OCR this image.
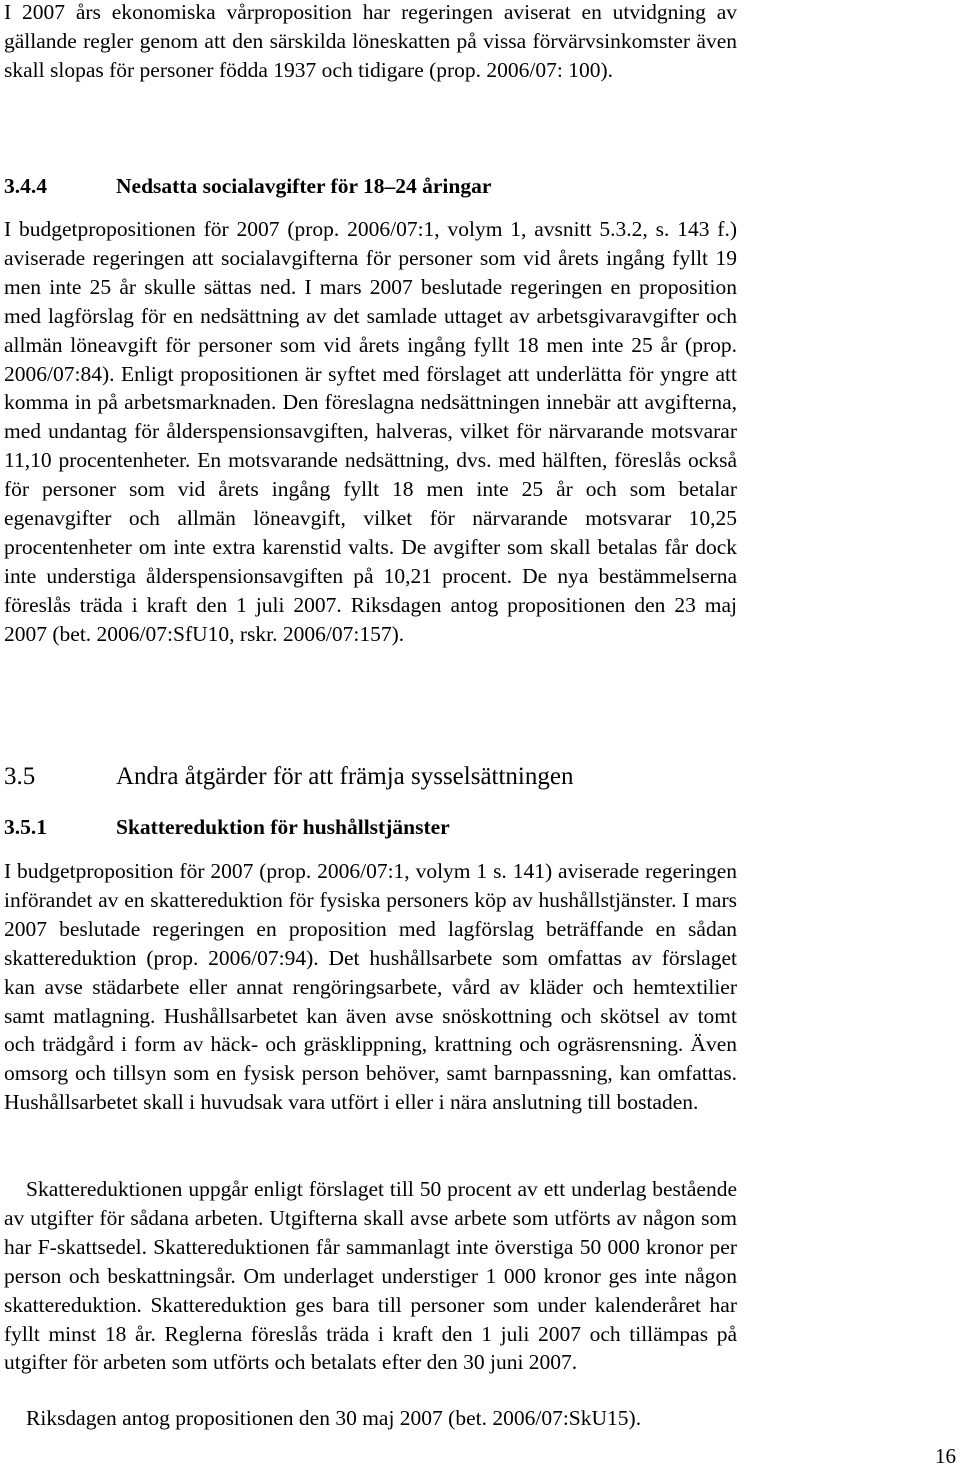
I 2007 års ekonomiska vårproposition har regeringen aviserat en utvidgning av gällande regler genom att den särskilda löneskatten på vissa förvärvsinkomster även skall slopas för personer födda 1937 och tidigare (prop. 2006/07: 100).

3.4.4	Nedsatta socialavgifter för 18–24 åringar

I budgetpropositionen för 2007 (prop. 2006/07:1, volym 1, avsnitt 5.3.2, s. 143 f.) aviserade regeringen att socialavgifterna för personer som vid årets ingång fyllt 19 men inte 25 år skulle sättas ned. I mars 2007 beslutade regeringen en proposition med lagförslag för en nedsättning av det samlade uttaget av arbetsgivaravgifter och allmän löneavgift för personer som vid årets ingång fyllt 18 men inte 25 år (prop. 2006/07:84). Enligt propositionen är syftet med förslaget att underlätta för yngre att komma in på arbetsmarknaden. Den föreslagna nedsättningen innebär att avgifterna, med undantag för ålderspensionsavgiften, halveras, vilket för närvarande motsvarar 11,10 procentenheter. En motsvarande nedsättning, dvs. med hälften, föreslås också för personer som vid årets ingång fyllt 18 men inte 25 år och som betalar egenavgifter och allmän löneavgift, vilket för närvarande motsvarar 10,25 procentenheter om inte extra karenstid valts. De avgifter som skall betalas får dock inte understiga ålderspensionsavgiften på 10,21 procent. De nya bestämmelserna föreslås träda i kraft den 1 juli 2007. Riksdagen antog propositionen den 23 maj 2007 (bet. 2006/07:SfU10, rskr. 2006/07:157).

3.5	Andra åtgärder för att främja sysselsättningen
3.5.1	Skattereduktion för hushållstjänster

I budgetproposition för 2007 (prop. 2006/07:1, volym 1 s. 141) aviserade regeringen införandet av en skattereduktion för fysiska personers köp av hushållstjänster. I mars 2007 beslutade regeringen en proposition med lagförslag beträffande en sådan skattereduktion (prop. 2006/07:94). Det hushållsarbete som omfattas av förslaget kan avse städarbete eller annat rengöringsarbete, vård av kläder och hemtextilier samt matlagning. Hushållsarbetet kan även avse snöskottning och skötsel av tomt och trädgård i form av häck- och gräsklippning, krattning och ogräsrensning. Även omsorg och tillsyn som en fysisk person behöver, samt barnpassning, kan omfattas. Hushållsarbetet skall i huvudsak vara utfört i eller i nära anslutning till bostaden.

Skattereduktionen uppgår enligt förslaget till 50 procent av ett underlag bestående av utgifter för sådana arbeten. Utgifterna skall avse arbete som utförts av någon som har F-skattsedel. Skattereduktionen får sammanlagt inte överstiga 50 000 kronor per person och beskattningsår. Om underlaget understiger 1 000 kronor ges inte någon skattereduktion. Skattereduktion ges bara till personer som under kalenderåret har fyllt minst 18 år. Reglerna föreslås träda i kraft den 1 juli 2007 och tillämpas på utgifter för arbeten som utförts och betalats efter den 30 juni 2007.

Riksdagen antog propositionen den 30 maj 2007 (bet. 2006/07:SkU15).

16
